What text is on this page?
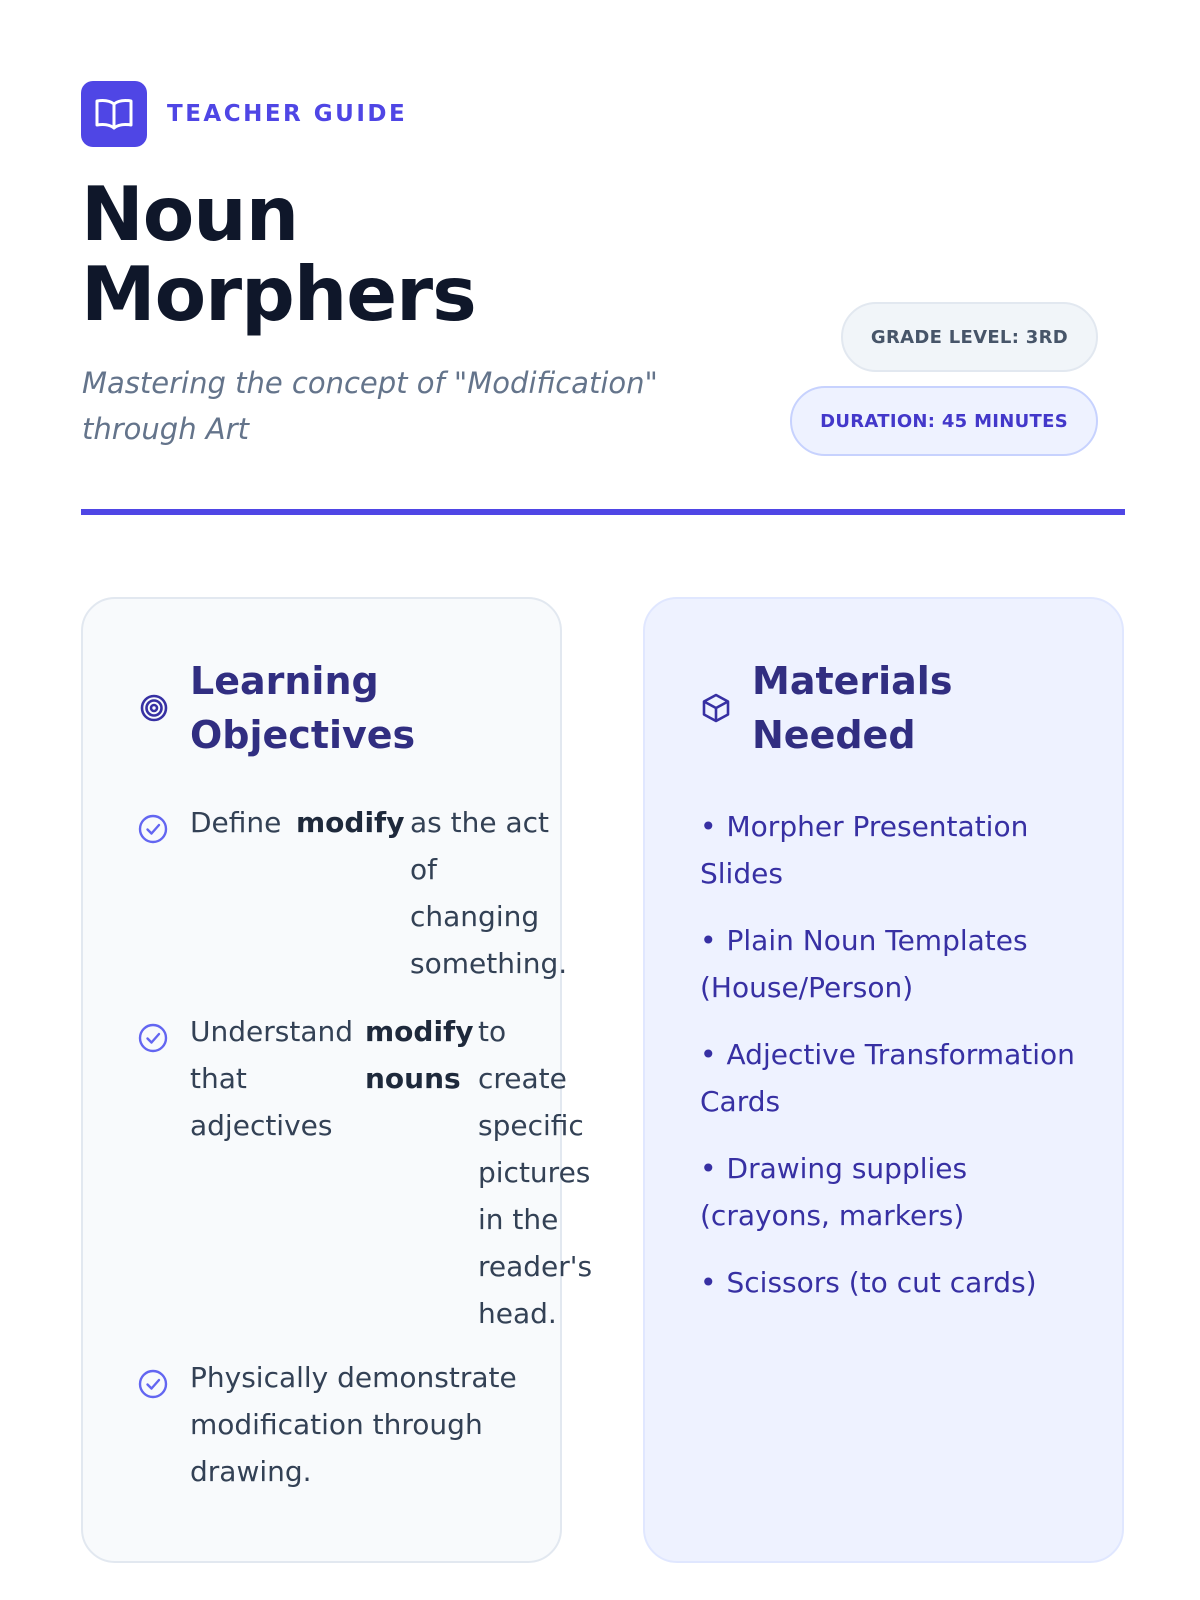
TEACHER GUIDE
Noun
Morphers

Mastering the concept of "Modification" through Art

GRADE LEVEL: 3RD
DURATION: 45 MINUTES
Learning
Objectives
Define modify as the act of changing something.
Understand that adjectives
modify nouns
to create specific pictures in the reader's head.

Physically demonstrate modification through drawing.

Materials
Needed
• Morpher Presentation Slides
• Plain Noun Templates (House/Person)
• Adjective Transformation Cards
• Drawing supplies (crayons, markers)
• Scissors (to cut cards)
